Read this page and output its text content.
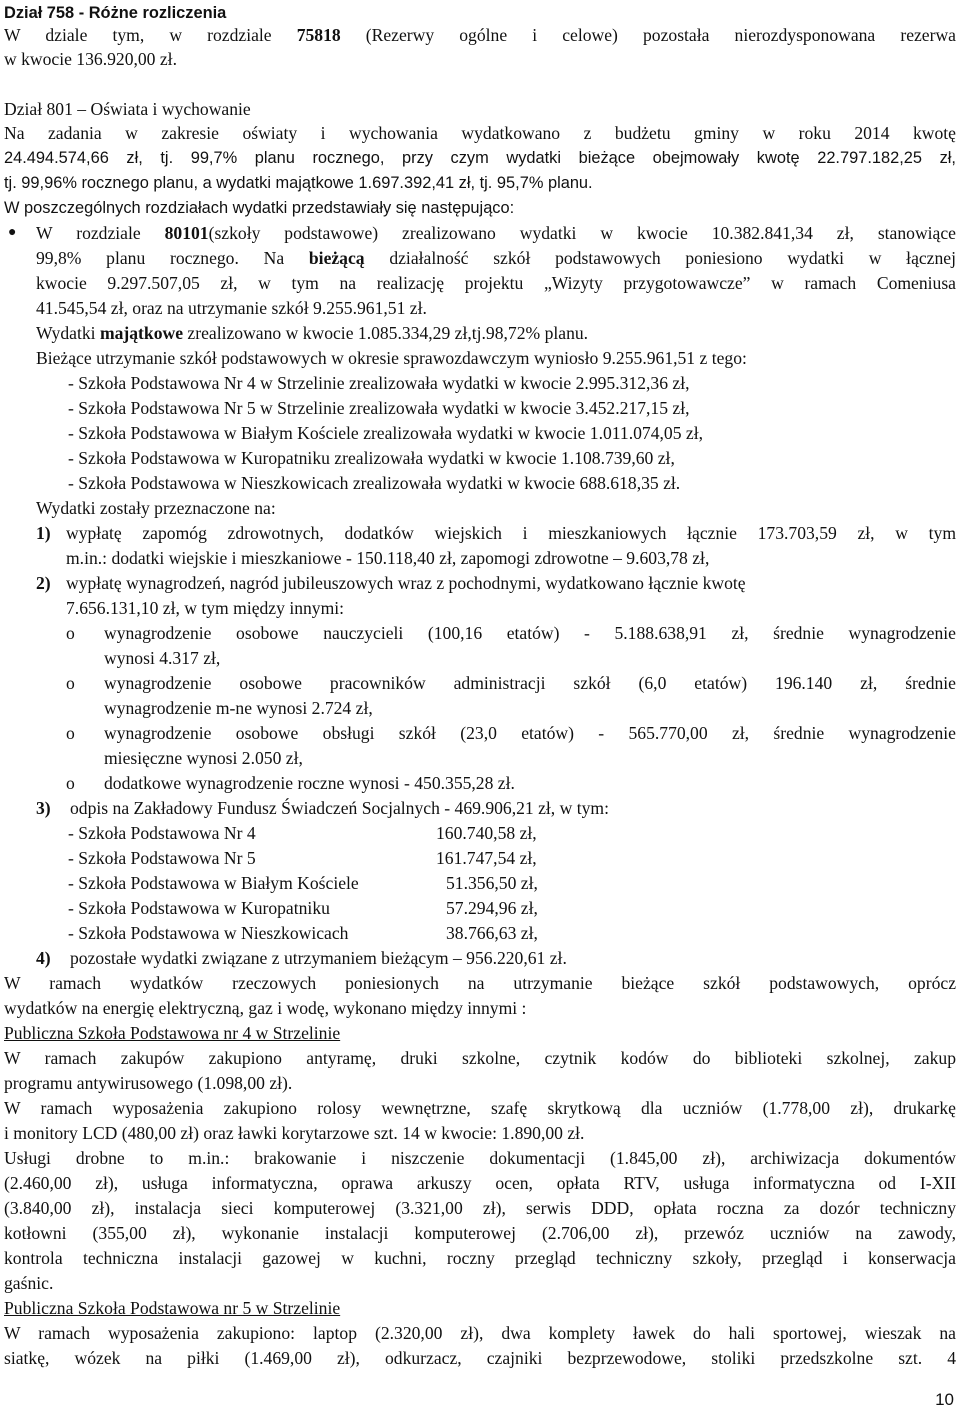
Dział 758 - Różne rozliczenia
W dziale tym, w rozdziale 75818 (Rezerwy ogólne i celowe) pozostała nierozdysponowana rezerwa
w kwocie 136.920,00 zł.
Dział 801 – Oświata i wychowanie
Na zadania w zakresie oświaty i wychowania wydatkowano z budżetu gminy w roku 2014 kwotę
24.494.574,66 zł, tj. 99,7% planu rocznego, przy czym wydatki bieżące obejmowały kwotę 22.797.182,25 zł,
tj. 99,96% rocznego planu, a wydatki majątkowe 1.697.392,41 zł, tj. 95,7% planu.
W poszczególnych rozdziałach wydatki przedstawiały się następująco:
● W rozdziale 80101(szkoły podstawowe) zrealizowano wydatki w kwocie 10.382.841,34 zł, stanowiące
99,8% planu rocznego. Na bieżącą działalność szkół podstawowych poniesiono wydatki w łącznej
kwocie 9.297.507,05 zł, w tym na realizację projektu „Wizyty przygotowawcze” w ramach Comeniusa
41.545,54 zł, oraz na utrzymanie szkół 9.255.961,51 zł.
Wydatki majątkowe zrealizowano w kwocie 1.085.334,29 zł,tj.98,72% planu.
Bieżące utrzymanie szkół podstawowych w okresie sprawozdawczym wyniosło 9.255.961,51 z tego:
- Szkoła Podstawowa Nr 4 w Strzelinie zrealizowała wydatki w kwocie 2.995.312,36 zł,
- Szkoła Podstawowa Nr 5 w Strzelinie zrealizowała wydatki w kwocie 3.452.217,15 zł,
- Szkoła Podstawowa w Białym Kościele zrealizowała wydatki w kwocie 1.011.074,05 zł,
- Szkoła Podstawowa w Kuropatniku zrealizowała wydatki w kwocie 1.108.739,60 zł,
- Szkoła Podstawowa w Nieszkowicach zrealizowała wydatki w kwocie 688.618,35 zł.
Wydatki zostały przeznaczone na:
1) wypłatę zapomóg zdrowotnych, dodatków wiejskich i mieszkaniowych łącznie 173.703,59 zł, w tym
m.in.: dodatki wiejskie i mieszkaniowe - 150.118,40 zł, zapomogi zdrowotne – 9.603,78 zł,
2) wypłatę wynagrodzeń, nagród jubileuszowych wraz z pochodnymi, wydatkowano łącznie kwotę
7.656.131,10 zł, w tym między innymi:
o wynagrodzenie osobowe nauczycieli (100,16 etatów) - 5.188.638,91 zł, średnie wynagrodzenie
wynosi 4.317 zł,
o wynagrodzenie osobowe pracowników administracji szkół (6,0 etatów) 196.140 zł, średnie
wynagrodzenie m-ne wynosi 2.724 zł,
o wynagrodzenie osobowe obsługi szkół (23,0 etatów) - 565.770,00 zł, średnie wynagrodzenie
miesięczne wynosi 2.050 zł,
o dodatkowe wynagrodzenie roczne wynosi - 450.355,28 zł.
3) odpis na Zakładowy Fundusz Świadczeń Socjalnych - 469.906,21 zł, w tym:
- Szkoła Podstawowa Nr 4	160.740,58 zł,
- Szkoła Podstawowa Nr 5	161.747,54 zł,
- Szkoła Podstawowa w Białym Kościele	51.356,50 zł,
- Szkoła Podstawowa w Kuropatniku	57.294,96 zł,
- Szkoła Podstawowa w Nieszkowicach	38.766,63 zł,
4) pozostałe wydatki związane z utrzymaniem bieżącym – 956.220,61 zł.
W ramach wydatków rzeczowych poniesionych na utrzymanie bieżące szkół podstawowych, oprócz
wydatków na energię elektryczną, gaz i wodę, wykonano między innymi :
Publiczna Szkoła Podstawowa nr 4 w Strzelinie
W ramach zakupów zakupiono antyramę, druki szkolne, czytnik kodów do biblioteki szkolnej, zakup
programu antywirusowego (1.098,00 zł).
W ramach wyposażenia zakupiono rolosy wewnętrzne, szafę skrytkową dla uczniów (1.778,00 zł), drukarkę
i monitory LCD (480,00 zł) oraz ławki korytarzowe szt. 14 w kwocie: 1.890,00 zł.
Usługi drobne to m.in.: brakowanie i niszczenie dokumentacji (1.845,00 zł), archiwizacja dokumentów
(2.460,00 zł), usługa informatyczna, oprawa arkuszy ocen, opłata RTV, usługa informatyczna od I-XII
(3.840,00 zł), instalacja sieci komputerowej (3.321,00 zł), serwis DDD, opłata roczna za dozór techniczny
kotłowni (355,00 zł), wykonanie instalacji komputerowej (2.706,00 zł), przewóz uczniów na zawody,
kontrola techniczna instalacji gazowej w kuchni, roczny przegląd techniczny szkoły, przegląd i konserwacja
gaśnic.
Publiczna Szkoła Podstawowa nr 5 w Strzelinie
W ramach wyposażenia zakupiono: laptop (2.320,00 zł), dwa komplety ławek do hali sportowej, wieszak na
siatkę, wózek na piłki (1.469,00 zł), odkurzacz, czajniki bezprzewodowe, stoliki przedszkolne szt. 4
10
